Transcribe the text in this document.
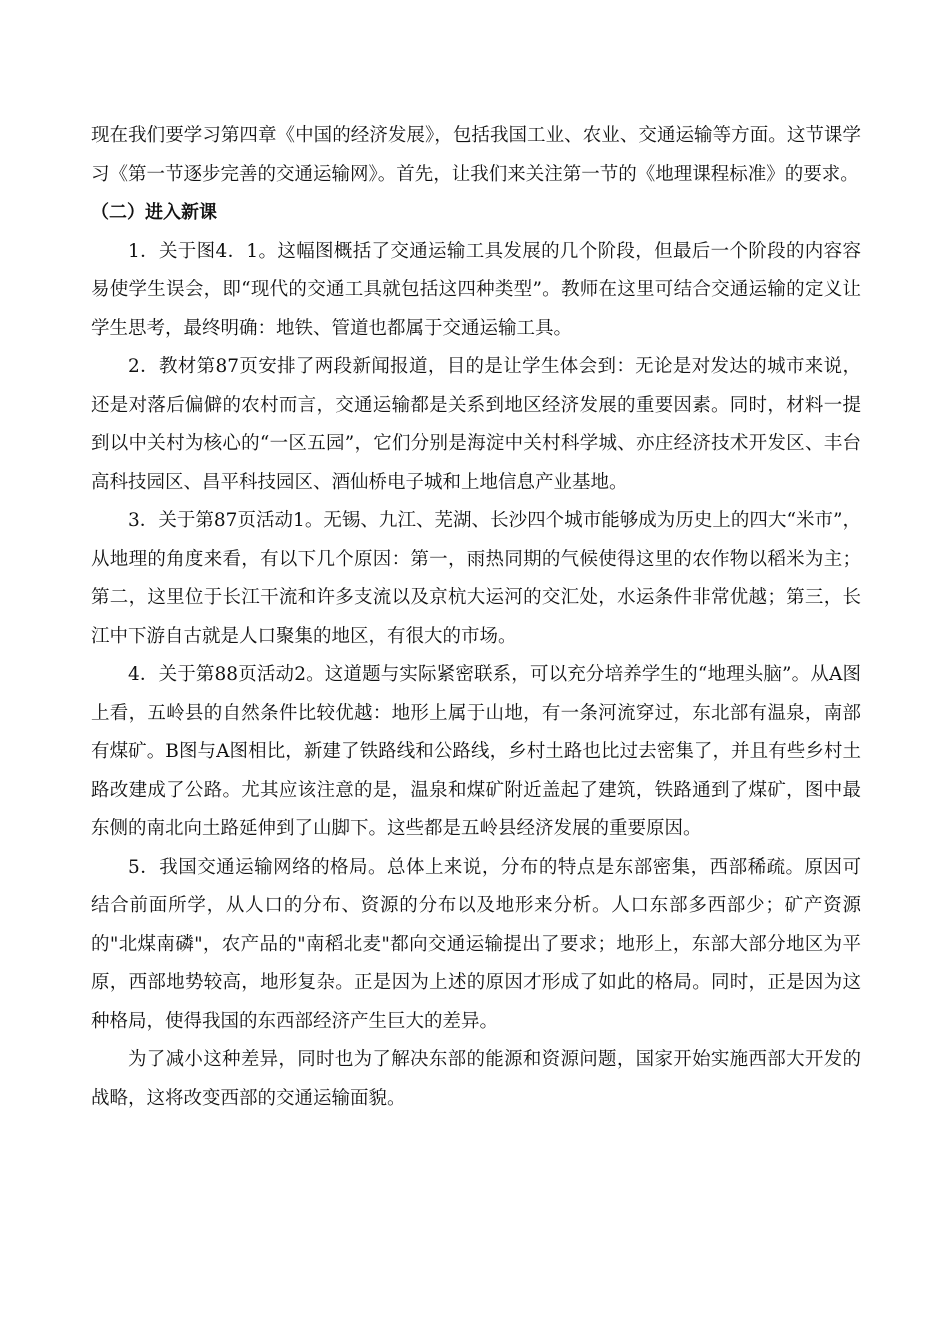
现在我们要学习第四章《中国的经济发展》，包括我国工业、农业、交通运输等方面。这节课学习《第一节逐步完善的交通运输网》。首先，让我们来关注第一节的《地理课程标准》的要求。

（二）进入新课

1．关于图4．1。这幅图概括了交通运输工具发展的几个阶段，但最后一个阶段的内容容易使学生误会，即“现代的交通工具就包括这四种类型”。教师在这里可结合交通运输的定义让学生思考，最终明确：地铁、管道也都属于交通运输工具。

2．教材第87页安排了两段新闻报道，目的是让学生体会到：无论是对发达的城市来说，还是对落后偏僻的农村而言，交通运输都是关系到地区经济发展的重要因素。同时，材料一提到以中关村为核心的“一区五园”，它们分别是海淀中关村科学城、亦庄经济技术开发区、丰台高科技园区、昌平科技园区、酒仙桥电子城和上地信息产业基地。

3．关于第87页活动1。无锡、九江、芜湖、长沙四个城市能够成为历史上的四大“米市”，从地理的角度来看，有以下几个原因：第一，雨热同期的气候使得这里的农作物以稻米为主；第二，这里位于长江干流和许多支流以及京杭大运河的交汇处，水运条件非常优越；第三，长江中下游自古就是人口聚集的地区，有很大的市场。

4．关于第88页活动2。这道题与实际紧密联系，可以充分培养学生的“地理头脑”。从A图上看，五岭县的自然条件比较优越：地形上属于山地，有一条河流穿过，东北部有温泉，南部有煤矿。B图与A图相比，新建了铁路线和公路线，乡村土路也比过去密集了，并且有些乡村土路改建成了公路。尤其应该注意的是，温泉和煤矿附近盖起了建筑，铁路通到了煤矿，图中最东侧的南北向土路延伸到了山脚下。这些都是五岭县经济发展的重要原因。

5．我国交通运输网络的格局。总体上来说，分布的特点是东部密集，西部稀疏。原因可结合前面所学，从人口的分布、资源的分布以及地形来分析。人口东部多西部少；矿产资源的"北煤南磷"，农产品的"南稻北麦"都向交通运输提出了要求；地形上，东部大部分地区为平原，西部地势较高，地形复杂。正是因为上述的原因才形成了如此的格局。同时，正是因为这种格局，使得我国的东西部经济产生巨大的差异。

为了减小这种差异，同时也为了解决东部的能源和资源问题，国家开始实施西部大开发的战略，这将改变西部的交通运输面貌。
